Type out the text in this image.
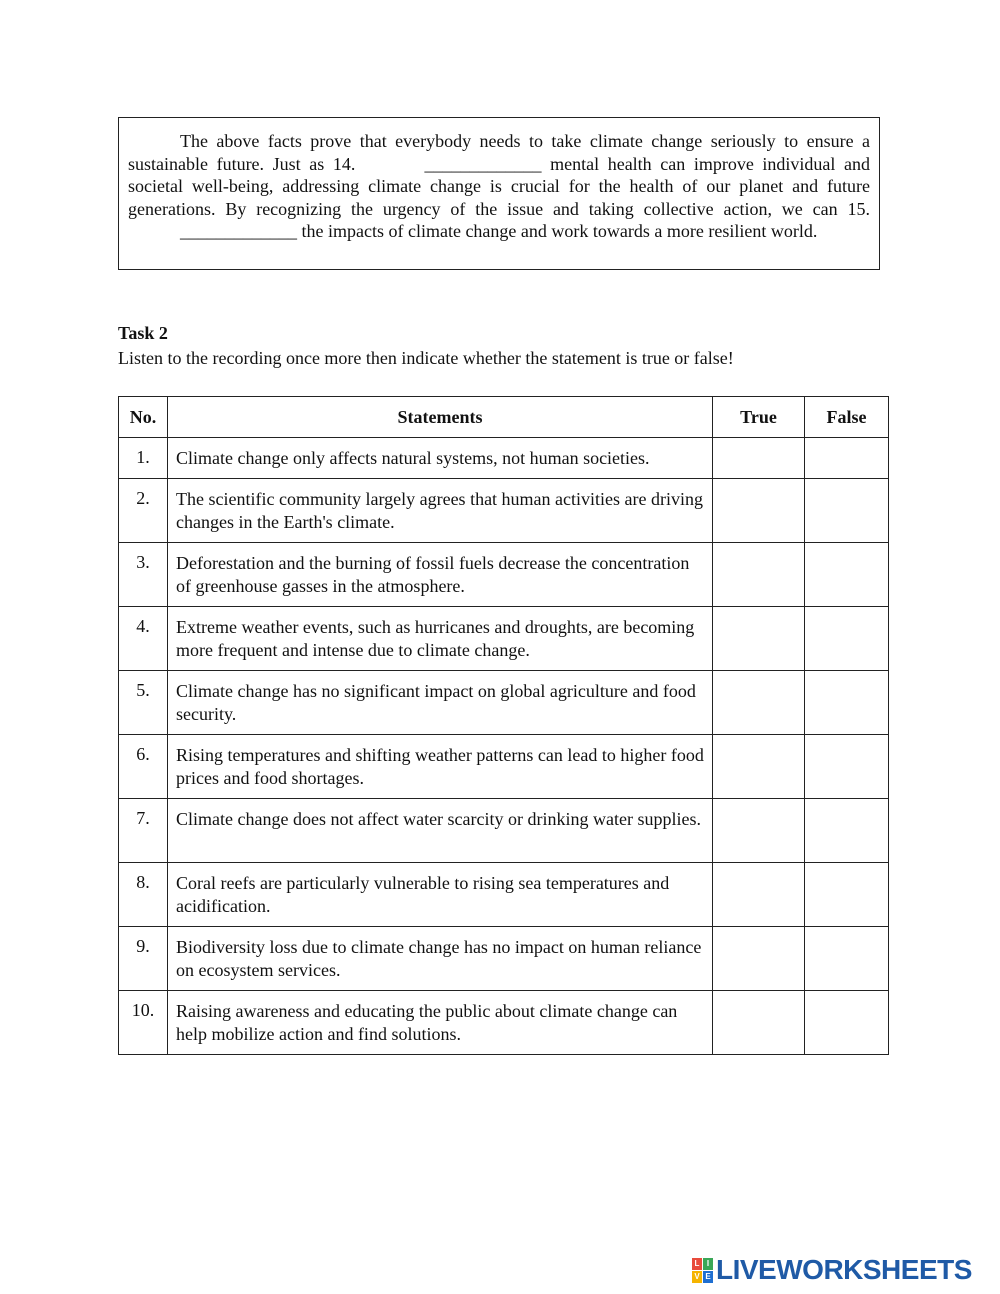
The above facts prove that everybody needs to take climate change seriously to ensure a sustainable future. Just as 14.	_____________ mental health can improve individual and societal well-being, addressing climate change is crucial for the health of our planet and future generations. By recognizing the urgency of the issue and taking collective action, we can 15. _____________ the impacts of climate change and work towards a more resilient world.

Task 2
Listen to the recording once more then indicate whether the statement is true or false!
No.	Statements	True	False
1.	Climate change only affects natural systems, not human societies.		
2.	The scientific community largely agrees that human activities are driving changes in the Earth's climate.		
3.	Deforestation and the burning of fossil fuels decrease the concentration of greenhouse gasses in the atmosphere.		
4.	Extreme weather events, such as hurricanes and droughts, are becoming more frequent and intense due to climate change.		
5.	Climate change has no significant impact on global agriculture and food security.		
6.	Rising temperatures and shifting weather patterns can lead to higher food prices and food shortages.		
7.	Climate change does not affect water scarcity or drinking water supplies.		
8.	Coral reefs are particularly vulnerable to rising sea temperatures and acidification.		
9.	Biodiversity loss due to climate change has no impact on human reliance on ecosystem services.		
10.	Raising awareness and educating the public about climate change can help mobilize action and find solutions.		
L I
V E LIVEWORKSHEETS
